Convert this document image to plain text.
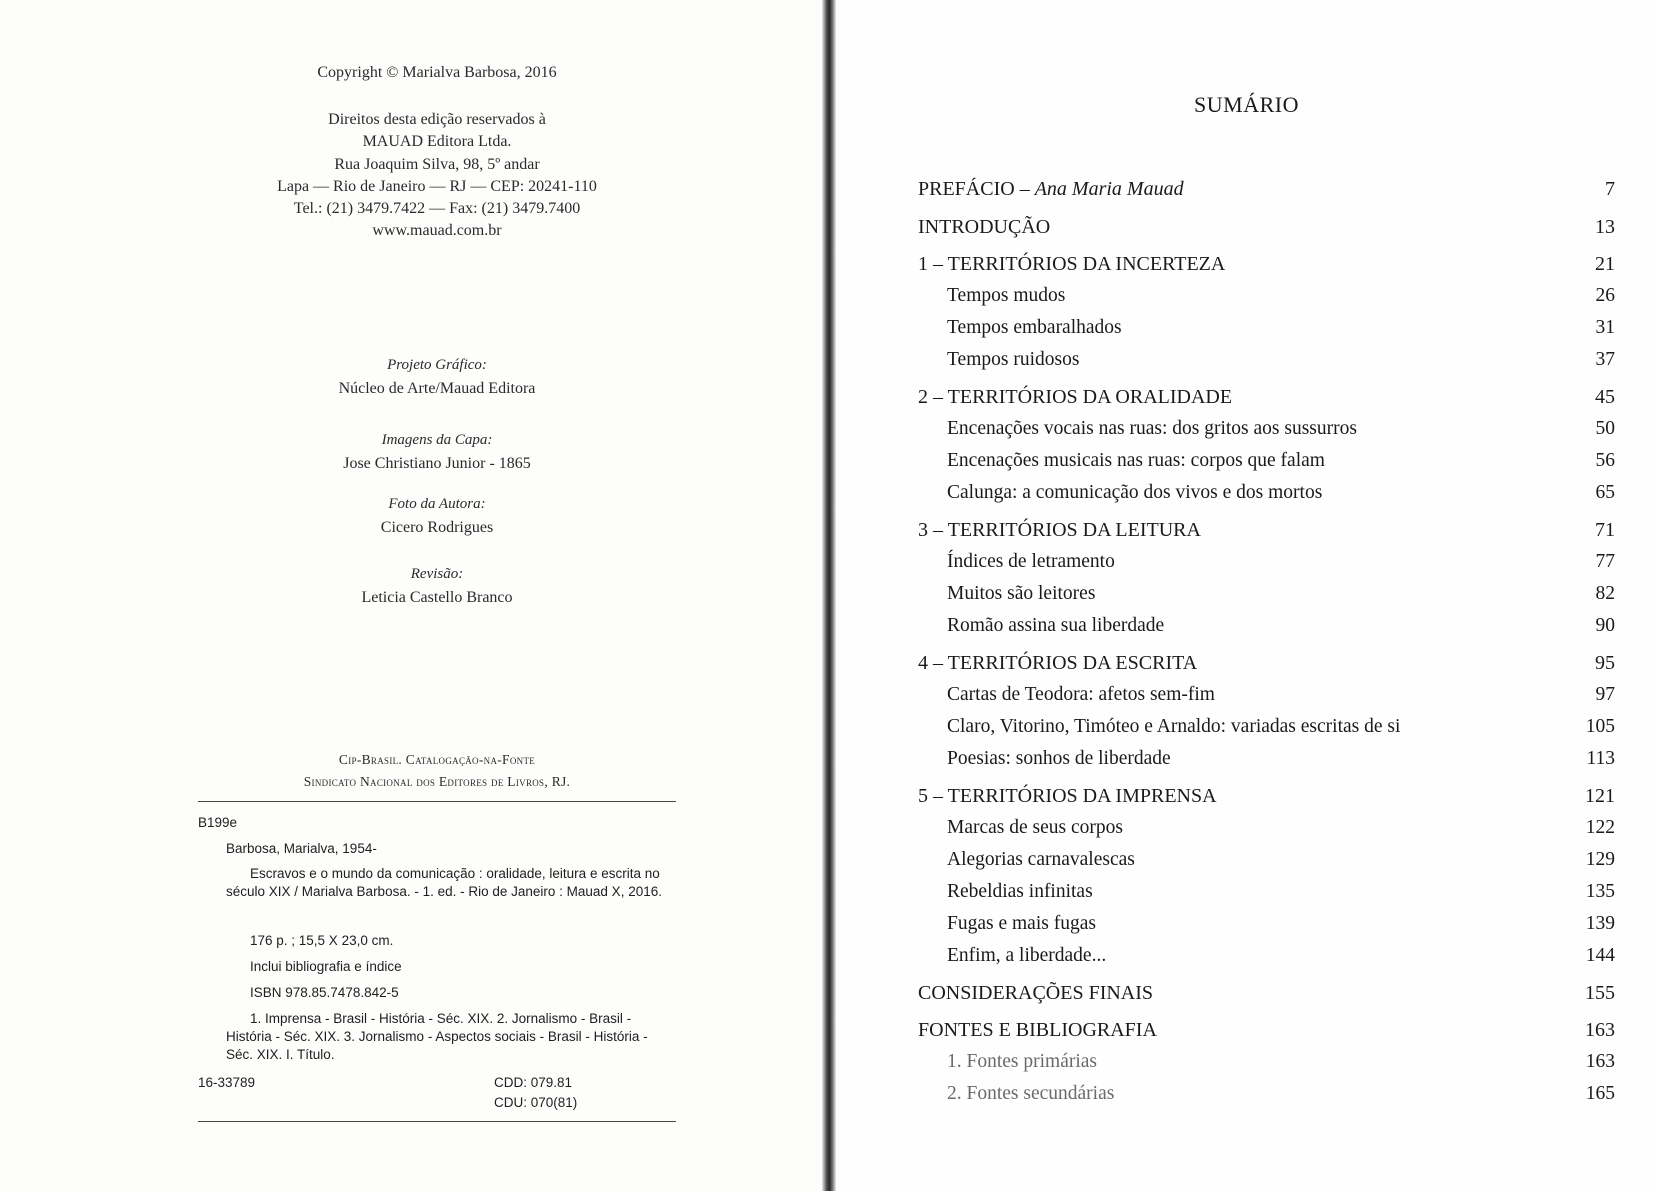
Copyright © Marialva Barbosa, 2016
Direitos desta edição reservados à
MAUAD Editora Ltda.
Rua Joaquim Silva, 98, 5º andar
Lapa — Rio de Janeiro — RJ — CEP: 20241-110
Tel.: (21) 3479.7422 — Fax: (21) 3479.7400
www.mauad.com.br
Projeto Gráfico:
Núcleo de Arte/Mauad Editora
Imagens da Capa:
Jose Christiano Junior - 1865
Foto da Autora:
Cicero Rodrigues
Revisão:
Leticia Castello Branco
Cip-Brasil. Catalogação-na-Fonte
Sindicato Nacional dos Editores de Livros, RJ.
B199e
Barbosa, Marialva, 1954-
Escravos e o mundo da comunicação : oralidade, leitura e escrita no século XIX / Marialva Barbosa. - 1. ed. - Rio de Janeiro : Mauad X, 2016.
176 p. ; 15,5 X 23,0 cm.
Inclui bibliografia e índice
ISBN 978.85.7478.842-5
1. Imprensa - Brasil - História - Séc. XIX. 2. Jornalismo - Brasil - História - Séc. XIX. 3. Jornalismo - Aspectos sociais - Brasil - História - Séc. XIX. I. Título.
16-33789	CDD: 079.81
CDU: 070(81)
SUMÁRIO
PREFÁCIO – Ana Maria Mauad	7
INTRODUÇÃO	13
1 – TERRITÓRIOS DA INCERTEZA	21
Tempos mudos	26
Tempos embaralhados	31
Tempos ruidosos	37
2 – TERRITÓRIOS DA ORALIDADE	45
Encenações vocais nas ruas: dos gritos aos sussurros	50
Encenações musicais nas ruas: corpos que falam	56
Calunga: a comunicação dos vivos e dos mortos	65
3 – TERRITÓRIOS DA LEITURA	71
Índices de letramento	77
Muitos são leitores	82
Romão assina sua liberdade	90
4 – TERRITÓRIOS DA ESCRITA	95
Cartas de Teodora: afetos sem-fim	97
Claro, Vitorino, Timóteo e Arnaldo: variadas escritas de si	105
Poesias: sonhos de liberdade	113
5 – TERRITÓRIOS DA IMPRENSA	121
Marcas de seus corpos	122
Alegorias carnavalescas	129
Rebeldias infinitas	135
Fugas e mais fugas	139
Enfim, a liberdade...	144
CONSIDERAÇÕES FINAIS	155
FONTES E BIBLIOGRAFIA	163
1. Fontes primárias	163
2. Fontes secundárias	165
